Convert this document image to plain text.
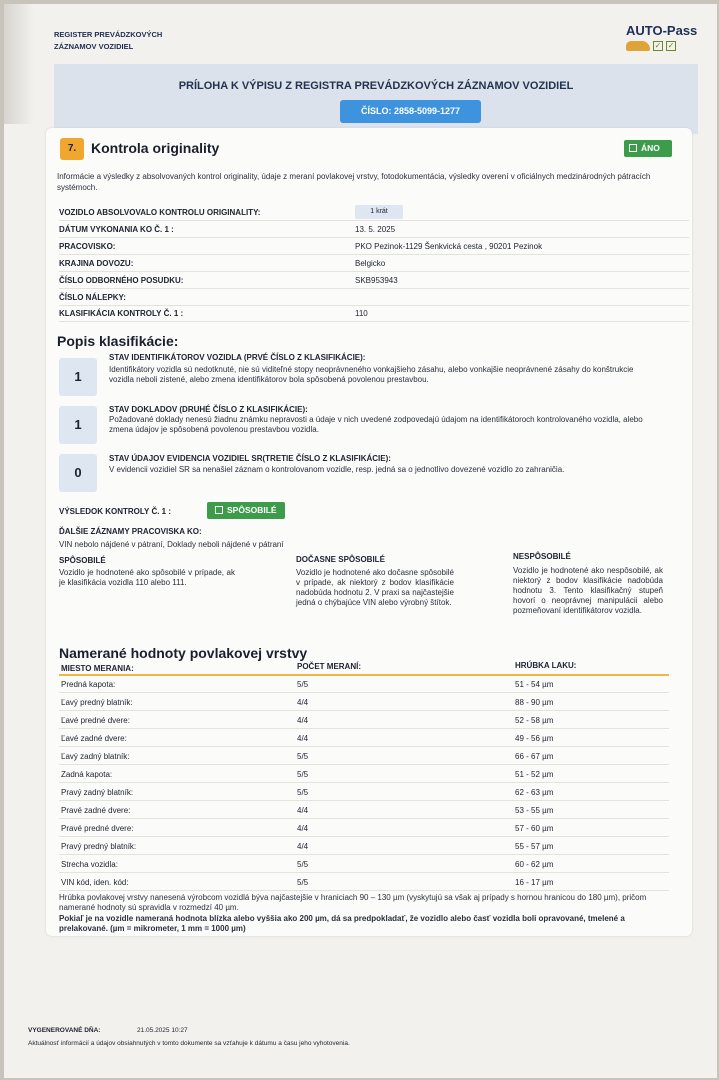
REGISTER PREVÁDZKOVÝCH
ZÁZNAMOV VOZIDIEL
AUTO-Pass
✓ ✓
PRÍLOHA K VÝPISU Z REGISTRA PREVÁDZKOVÝCH ZÁZNAMOV VOZIDIEL
ČÍSLO: 2858-5099-1277
7.	Kontrola originality	ÁNO
Informácie a výsledky z absolvovaných kontrol originality, údaje z meraní povlakovej vrstvy, fotodokumentácia, výsledky overení v oficiálnych medzinárodných pátracích systémoch.
VOZIDLO ABSOLVOVALO KONTROLU ORIGINALITY:	1 krát
DÁTUM VYKONANIA KO Č. 1 :	13. 5. 2025
PRACOVISKO:	PKO Pezinok-1129 Šenkvická cesta , 90201 Pezinok
KRAJINA DOVOZU:	Belgicko
ČÍSLO ODBORNÉHO POSUDKU:	SKB953943
ČÍSLO NÁLEPKY:
KLASIFIKÁCIA KONTROLY Č. 1 :	110
Popis klasifikácie:
1
STAV IDENTIFIKÁTOROV VOZIDLA (PRVÉ ČÍSLO Z KLASIFIKÁCIE):
Identifikátory vozidla sú nedotknuté, nie sú viditeľné stopy neoprávneného vonkajšieho zásahu, alebo vonkajšie neoprávnené zásahy do konštrukcie vozidla neboli zistené, alebo zmena identifikátorov bola spôsobená povolenou prestavbou.
1
STAV DOKLADOV (DRUHÉ ČÍSLO Z KLASIFIKÁCIE):
Požadované doklady nenesú žiadnu známku nepravosti a údaje v nich uvedené zodpovedajú údajom na identifikátoroch kontrolovaného vozidla, alebo zmena údajov je spôsobená povolenou prestavbou vozidla.
0
STAV ÚDAJOV EVIDENCIA VOZIDIEL SR(TRETIE ČÍSLO Z KLASIFIKÁCIE):
V evidencii vozidiel SR sa nenašiel záznam o kontrolovanom vozidle, resp. jedná sa o jednotlivo dovezené vozidlo zo zahraničia.
VÝSLEDOK KONTROLY Č. 1 :	SPÔSOBILÉ
ĎALŠIE ZÁZNAMY PRACOVISKA KO:
VIN nebolo nájdené v pátraní, Doklady neboli nájdené v pátraní
SPÔSOBILÉ
Vozidlo je hodnotené ako spôsobilé v prípade, ak je klasifikácia vozidla 110 alebo 111.
DOČASNE SPÔSOBILÉ
Vozidlo je hodnotené ako dočasne spôsobilé v prípade, ak niektorý z bodov klasifikácie nadobúda hodnotu 2. V praxi sa najčastejšie jedná o chýbajúce VIN alebo výrobný štítok.
NESPÔSOBILÉ
Vozidlo je hodnotené ako nespôsobilé, ak niektorý z bodov klasifikácie nadobúda hodnotu 3. Tento klasifikačný stupeň hovorí o neoprávnej manipulácii alebo pozmeňovaní identifikátorov vozidla.
Namerané hodnoty povlakovej vrstvy
MIESTO MERANIA:	POČET MERANÍ:	HRÚBKA LAKU:
Predná kapota:	5/5	51 - 54 µm
Ľavý predný blatník:	4/4	88 - 90 µm
Ľavé predné dvere:	4/4	52 - 58 µm
Ľavé zadné dvere:	4/4	49 - 56 µm
Ľavý zadný blatník:	5/5	66 - 67 µm
Zadná kapota:	5/5	51 - 52 µm
Pravý zadný blatník:	5/5	62 - 63 µm
Pravé zadné dvere:	4/4	53 - 55 µm
Pravé predné dvere:	4/4	57 - 60 µm
Pravý predný blatník:	4/4	55 - 57 µm
Strecha vozidla:	5/5	60 - 62 µm
VIN kód, iden. kód:	5/5	16 - 17 µm
Hrúbka povlakovej vrstvy nanesená výrobcom vozidlá býva najčastejšie v hraniciach 90 – 130 µm (vyskytujú sa však aj prípady s hornou hranicou do 180 µm), pričom namerané hodnoty sú spravidla v rozmedzí 40 µm.
Pokiaľ je na vozidle nameraná hodnota blízka alebo vyššia ako 200 µm, dá sa predpokladať, že vozidlo alebo časť vozidla boli opravované, tmelené a prelakované. (µm = mikrometer, 1 mm = 1000 µm)
VYGENEROVANÉ DŇA:	21.05.2025 10:27
Aktuálnosť informácií a údajov obsiahnutých v tomto dokumente sa vzťahuje k dátumu a času jeho vyhotovenia.
